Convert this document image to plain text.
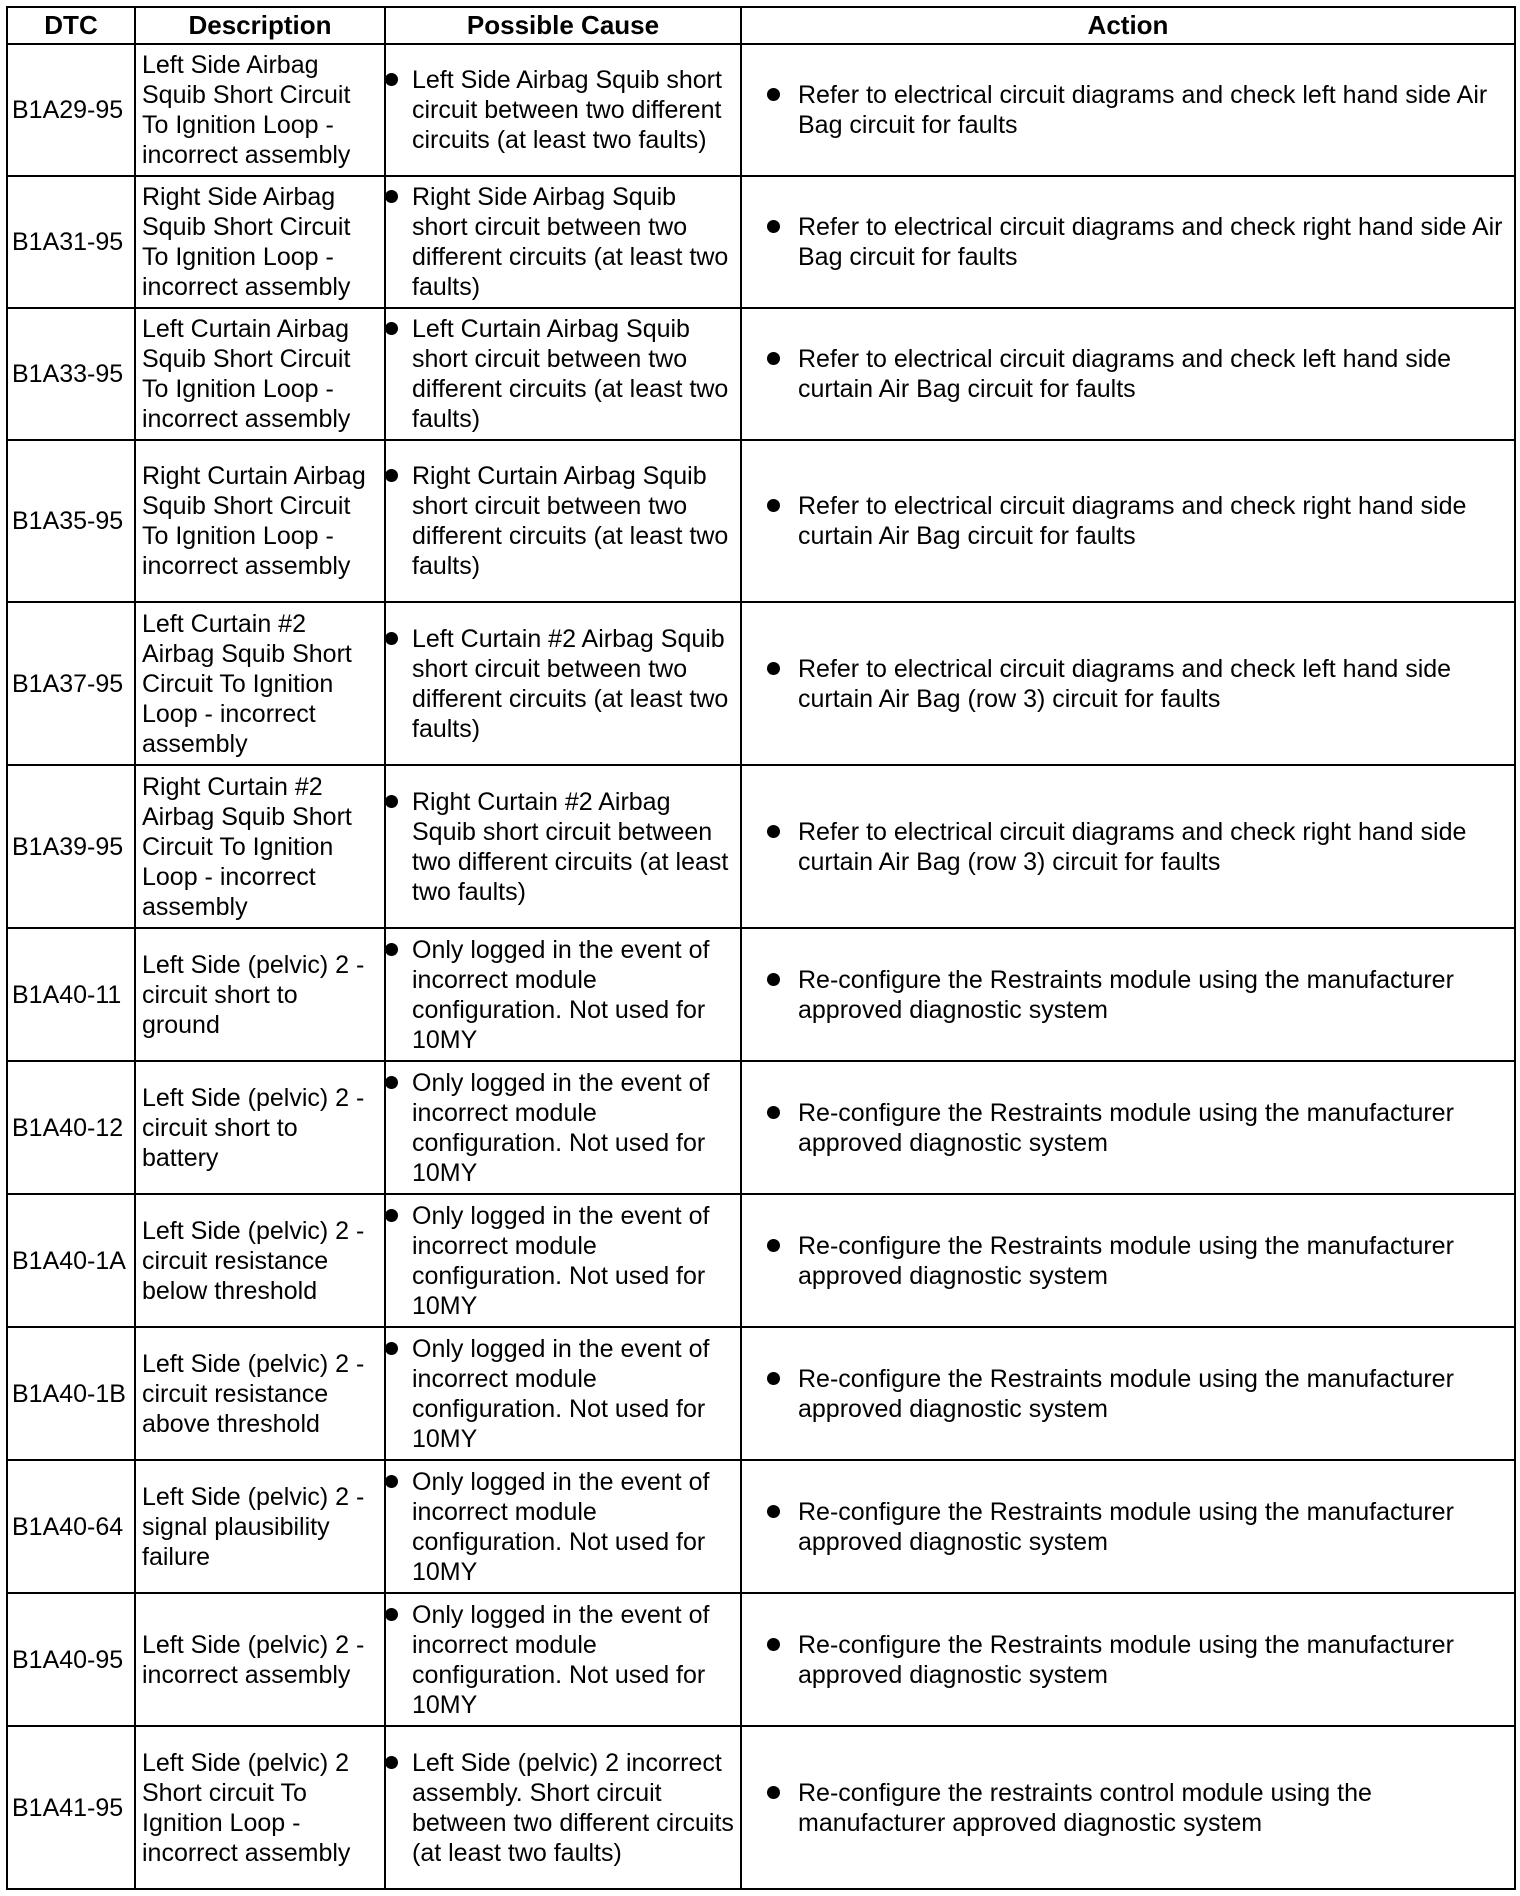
DTC	Description	Possible Cause	Action
B1A29-95	Left Side Airbag Squib Short Circuit To Ignition Loop - incorrect assembly	Left Side Airbag Squib short circuit between two different circuits (at least two faults)	Refer to electrical circuit diagrams and check left hand side Air Bag circuit for faults

B1A31-95	Right Side Airbag Squib Short Circuit To Ignition Loop - incorrect assembly	Right Side Airbag Squib short circuit between two different circuits (at least two faults)	Refer to electrical circuit diagrams and check right hand side Air Bag circuit for faults

B1A33-95	Left Curtain Airbag Squib Short Circuit To Ignition Loop - incorrect assembly	Left Curtain Airbag Squib short circuit between two different circuits (at least two faults)	Refer to electrical circuit diagrams and check left hand side curtain Air Bag circuit for faults

B1A35-95	Right Curtain Airbag Squib Short Circuit To Ignition Loop - incorrect assembly	Right Curtain Airbag Squib short circuit between two different circuits (at least two faults)	Refer to electrical circuit diagrams and check right hand side curtain Air Bag circuit for faults

B1A37-95	Left Curtain #2 Airbag Squib Short Circuit To Ignition Loop - incorrect assembly	Left Curtain #2 Airbag Squib short circuit between two different circuits (at least two faults)	Refer to electrical circuit diagrams and check left hand side curtain Air Bag (row 3) circuit for faults

B1A39-95	Right Curtain #2 Airbag Squib Short Circuit To Ignition Loop - incorrect assembly	Right Curtain #2 Airbag Squib short circuit between two different circuits (at least two faults)	Refer to electrical circuit diagrams and check right hand side curtain Air Bag (row 3) circuit for faults

B1A40-11	Left Side (pelvic) 2 - circuit short to ground	Only logged in the event of incorrect module configuration. Not used for 10MY	Re-configure the Restraints module using the manufacturer approved diagnostic system

B1A40-12	Left Side (pelvic) 2 - circuit short to battery	Only logged in the event of incorrect module configuration. Not used for 10MY	Re-configure the Restraints module using the manufacturer approved diagnostic system

B1A40-1A	Left Side (pelvic) 2 - circuit resistance below threshold	Only logged in the event of incorrect module configuration. Not used for 10MY	Re-configure the Restraints module using the manufacturer approved diagnostic system

B1A40-1B	Left Side (pelvic) 2 - circuit resistance above threshold	Only logged in the event of incorrect module configuration. Not used for 10MY	Re-configure the Restraints module using the manufacturer approved diagnostic system

B1A40-64	Left Side (pelvic) 2 - signal plausibility failure	Only logged in the event of incorrect module configuration. Not used for 10MY	Re-configure the Restraints module using the manufacturer approved diagnostic system

B1A40-95	Left Side (pelvic) 2 - incorrect assembly	Only logged in the event of incorrect module configuration. Not used for 10MY	Re-configure the Restraints module using the manufacturer approved diagnostic system

B1A41-95	Left Side (pelvic) 2 Short circuit To Ignition Loop - incorrect assembly	Left Side (pelvic) 2 incorrect assembly. Short circuit between two different circuits (at least two faults)	Re-configure the restraints control module using the manufacturer approved diagnostic system
